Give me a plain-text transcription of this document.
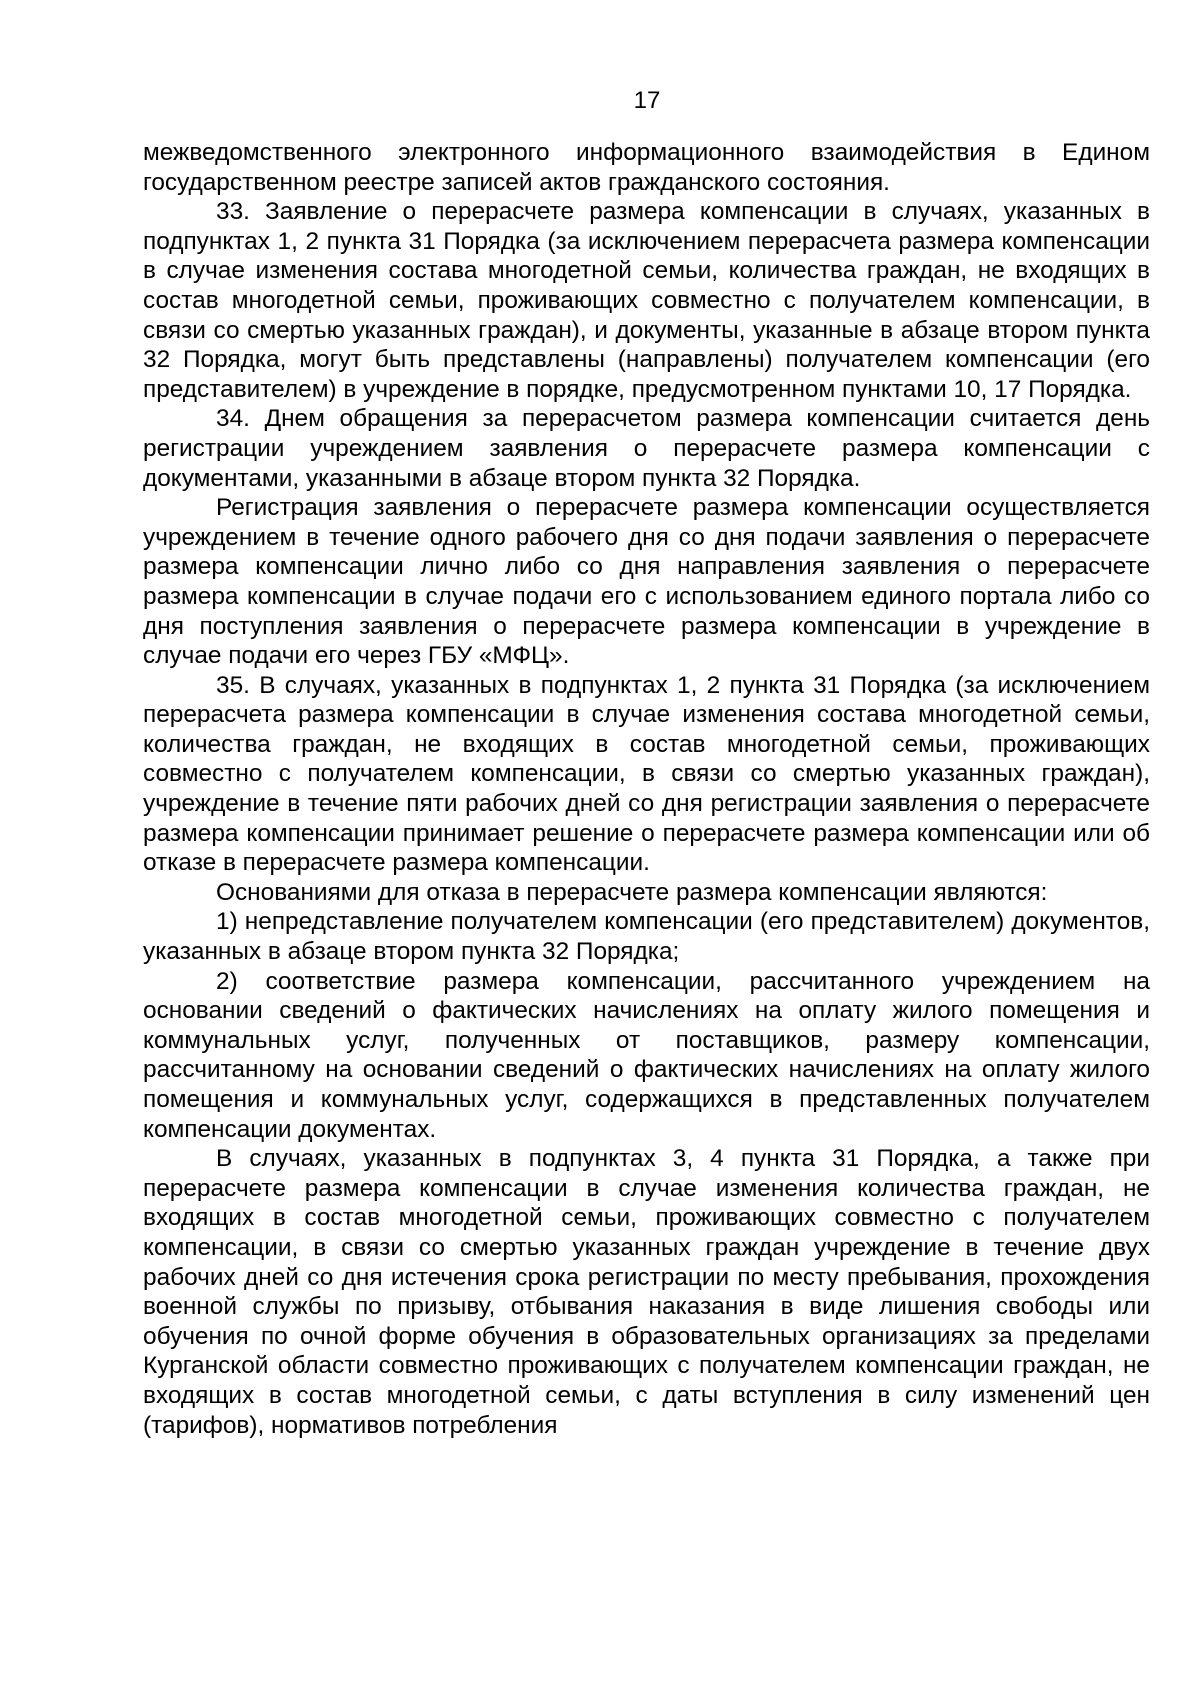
17

межведомственного электронного информационного взаимодействия в Едином государственном реестре записей актов гражданского состояния.

33. Заявление о перерасчете размера компенсации в случаях, указанных в подпунктах 1, 2 пункта 31 Порядка (за исключением перерасчета размера компенсации в случае изменения состава многодетной семьи, количества граждан, не входящих в состав многодетной семьи, проживающих совместно с получателем компенсации, в связи со смертью указанных граждан), и документы, указанные в абзаце втором пункта 32 Порядка, могут быть представлены (направлены) получателем компенсации (его представителем) в учреждение в порядке, предусмотренном пунктами 10, 17 Порядка.

34. Днем обращения за перерасчетом размера компенсации считается день регистрации учреждением заявления о перерасчете размера компенсации с документами, указанными в абзаце втором пункта 32 Порядка.

Регистрация заявления о перерасчете размера компенсации осуществляется учреждением в течение одного рабочего дня со дня подачи заявления о перерасчете размера компенсации лично либо со дня направления заявления о перерасчете размера компенсации в случае подачи его с использованием единого портала либо со дня поступления заявления о перерасчете размера компенсации в учреждение в случае подачи его через ГБУ «МФЦ».

35. В случаях, указанных в подпунктах 1, 2 пункта 31 Порядка (за исключением перерасчета размера компенсации в случае изменения состава многодетной семьи, количества граждан, не входящих в состав многодетной семьи, проживающих совместно с получателем компенсации, в связи со смертью указанных граждан), учреждение в течение пяти рабочих дней со дня регистрации заявления о перерасчете размера компенсации принимает решение о перерасчете размера компенсации или об отказе в перерасчете размера компенсации.

Основаниями для отказа в перерасчете размера компенсации являются:

1) непредставление получателем компенсации (его представителем) документов, указанных в абзаце втором пункта 32 Порядка;

2) соответствие размера компенсации, рассчитанного учреждением на основании сведений о фактических начислениях на оплату жилого помещения и коммунальных услуг, полученных от поставщиков, размеру компенсации, рассчитанному на основании сведений о фактических начислениях на оплату жилого помещения и коммунальных услуг, содержащихся в представленных получателем компенсации документах.

В случаях, указанных в подпунктах 3, 4 пункта 31 Порядка, а также при перерасчете размера компенсации в случае изменения количества граждан, не входящих в состав многодетной семьи, проживающих совместно с получателем компенсации, в связи со смертью указанных граждан учреждение в течение двух рабочих дней со дня истечения срока регистрации по месту пребывания, прохождения военной службы по призыву, отбывания наказания в виде лишения свободы или обучения по очной форме обучения в образовательных организациях за пределами Курганской области совместно проживающих с получателем компенсации граждан, не входящих в состав многодетной семьи, с даты вступления в силу изменений цен (тарифов), нормативов потребления
